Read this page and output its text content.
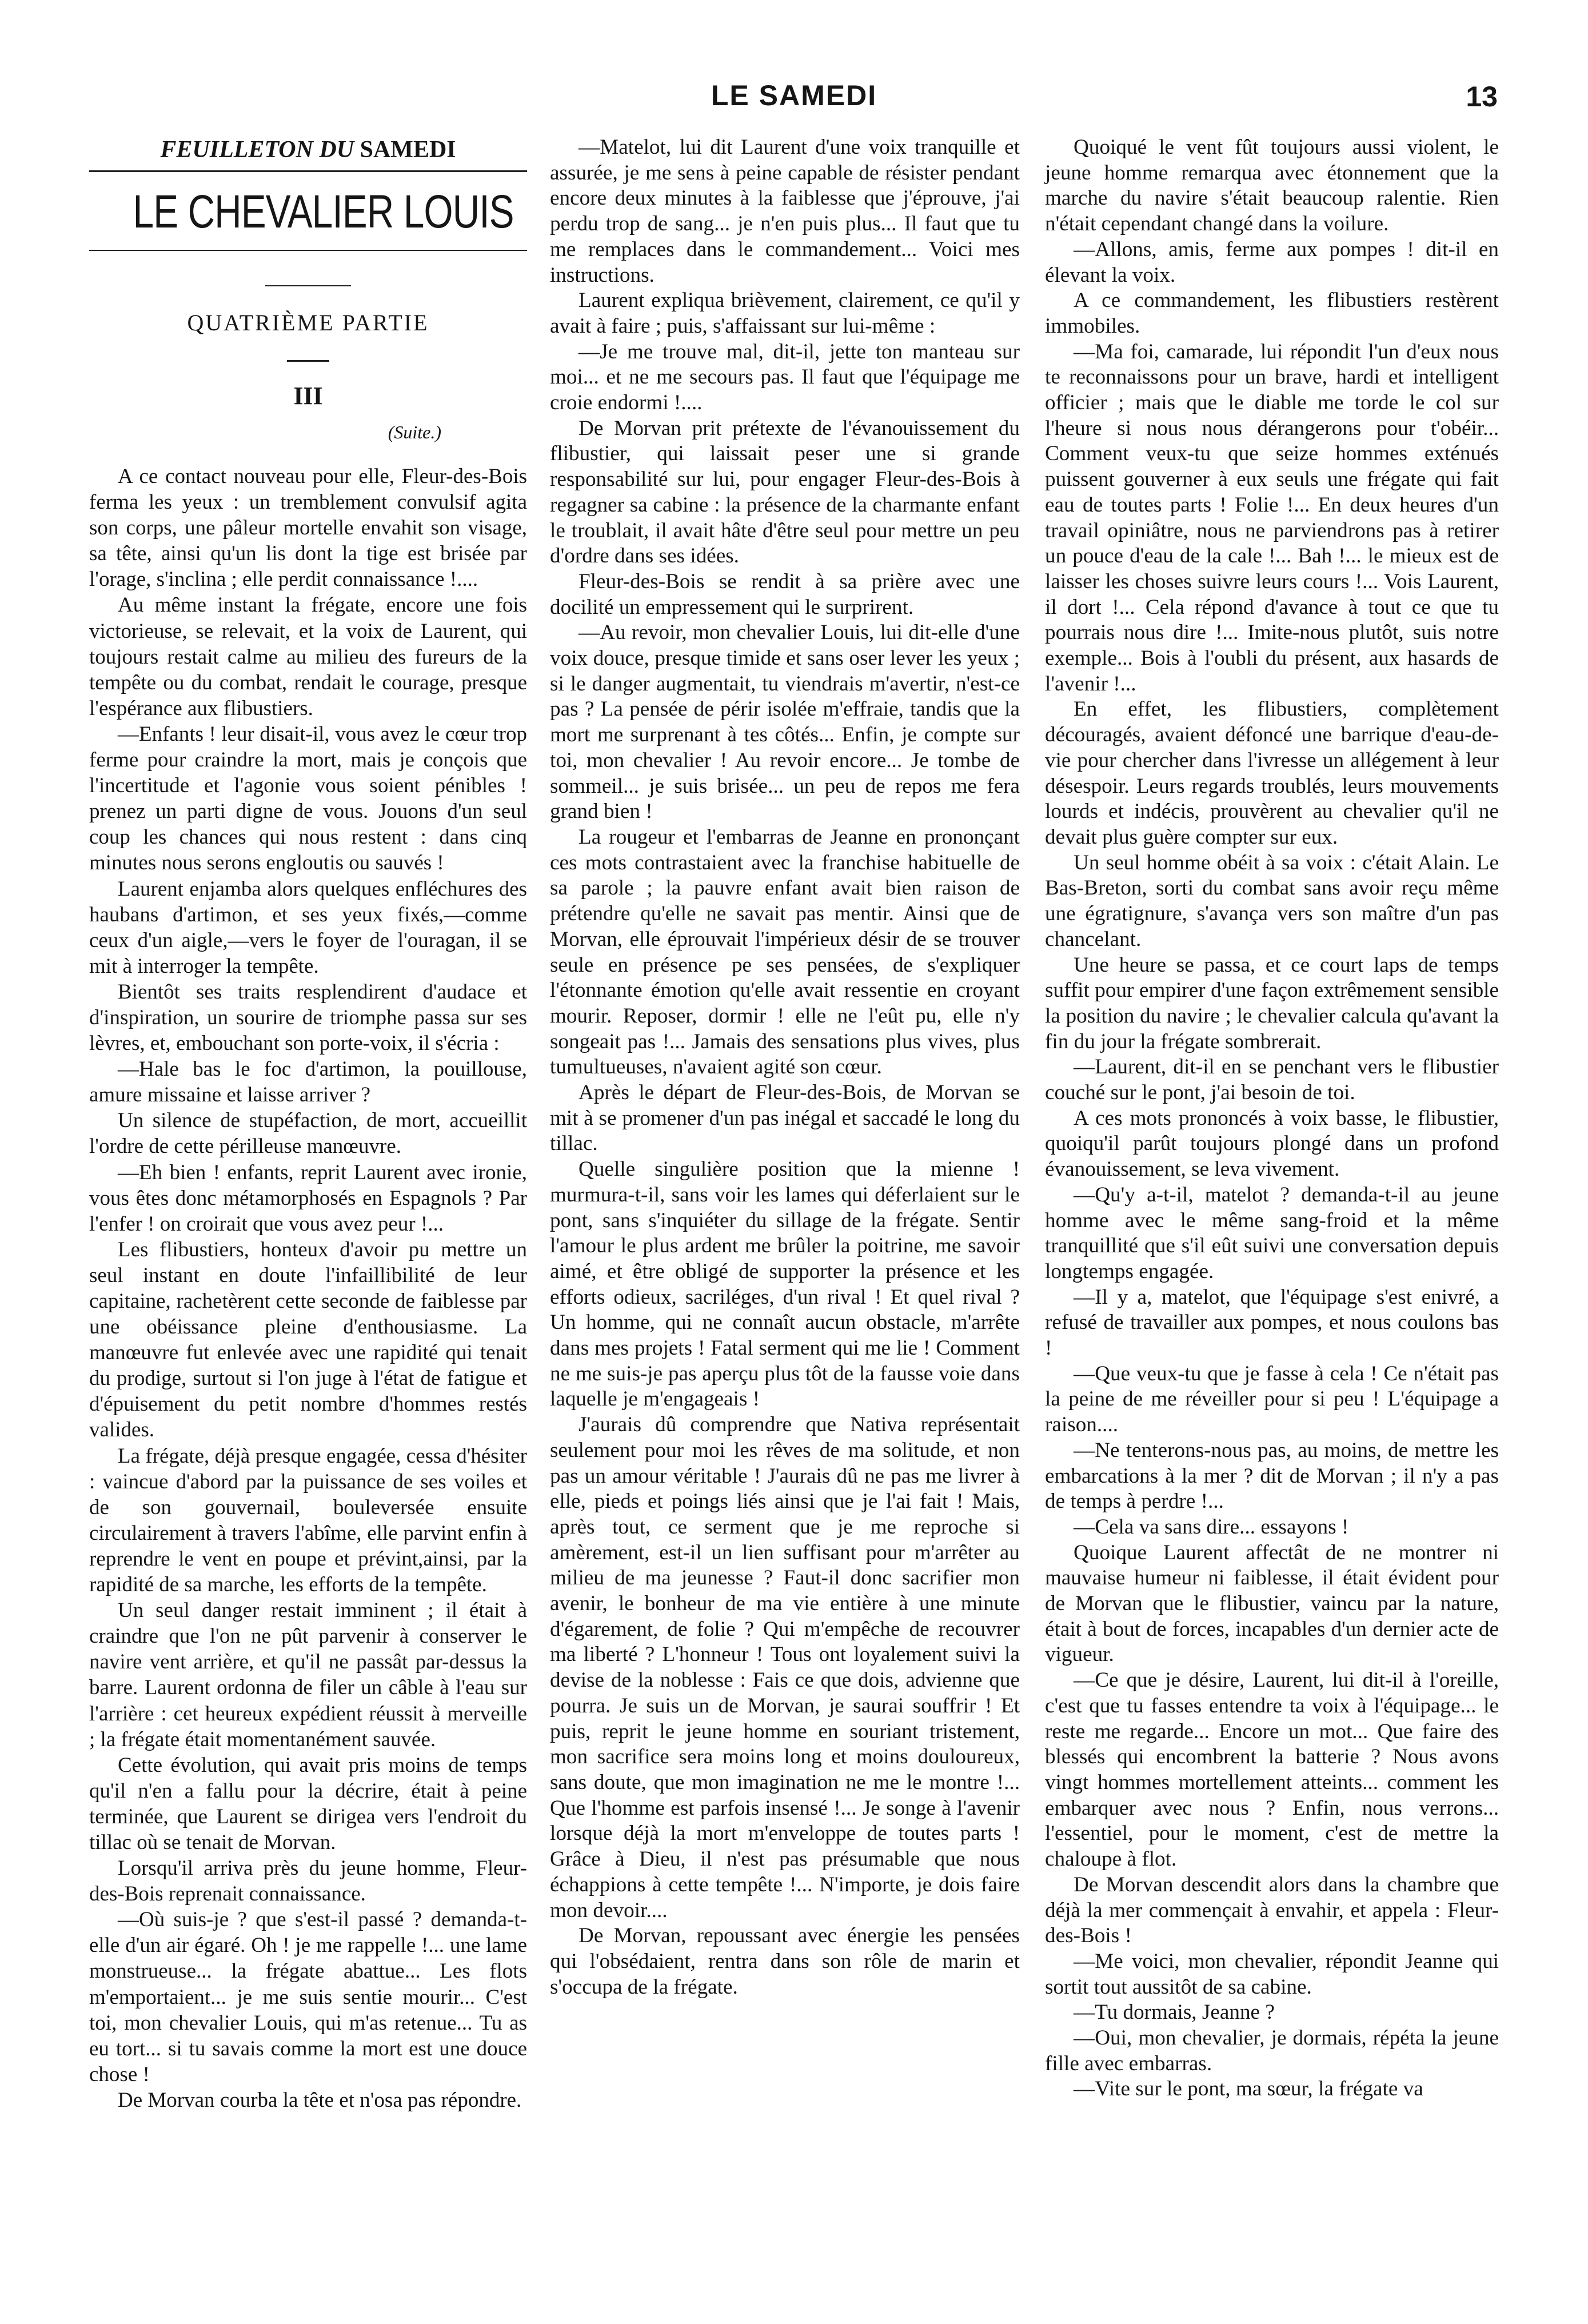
LE SAMEDI	13
FEUILLETON DU SAMEDI
LE CHEVALIER LOUIS
QUATRIÈME PARTIE
III
(Suite.)

A ce contact nouveau pour elle, Fleur-des-Bois ferma les yeux : un tremblement convulsif agita son corps, une pâleur mortelle envahit son visage, sa tête, ainsi qu'un lis dont la tige est brisée par l'orage, s'inclina ; elle perdit connaissance !....

Au même instant la frégate, encore une fois victorieuse, se relevait, et la voix de Laurent, qui toujours restait calme au milieu des fureurs de la tempête ou du combat, rendait le courage, presque l'espérance aux flibustiers.

—Enfants ! leur disait-il, vous avez le cœur trop ferme pour craindre la mort, mais je conçois que l'incertitude et l'agonie vous soient pénibles ! prenez un parti digne de vous. Jouons d'un seul coup les chances qui nous restent : dans cinq minutes nous serons engloutis ou sauvés !

Laurent enjamba alors quelques enfléchures des haubans d'artimon, et ses yeux fixés,—comme ceux d'un aigle,—vers le foyer de l'ouragan, il se mit à interroger la tempête.

Bientôt ses traits resplendirent d'audace et d'inspiration, un sourire de triomphe passa sur ses lèvres, et, embouchant son porte-voix, il s'écria :

—Hale bas le foc d'artimon, la pouillouse, amure missaine et laisse arriver ?

Un silence de stupéfaction, de mort, accueillit l'ordre de cette périlleuse manœuvre.

—Eh bien ! enfants, reprit Laurent avec ironie, vous êtes donc métamorphosés en Espagnols ? Par l'enfer ! on croirait que vous avez peur !...

Les flibustiers, honteux d'avoir pu mettre un seul instant en doute l'infaillibilité de leur capitaine, rachetèrent cette seconde de faiblesse par une obéissance pleine d'enthousiasme. La manœuvre fut enlevée avec une rapidité qui tenait du prodige, surtout si l'on juge à l'état de fatigue et d'épuisement du petit nombre d'hommes restés valides.

La frégate, déjà presque engagée, cessa d'hésiter : vaincue d'abord par la puissance de ses voiles et de son gouvernail, bouleversée ensuite circulairement à travers l'abîme, elle parvint enfin à reprendre le vent en poupe et prévint,ainsi, par la rapidité de sa marche, les efforts de la tempête.

Un seul danger restait imminent ; il était à craindre que l'on ne pût parvenir à conserver le navire vent arrière, et qu'il ne passât par-dessus la barre. Laurent ordonna de filer un câble à l'eau sur l'arrière : cet heureux expédient réussit à merveille ; la frégate était momentanément sauvée.

Cette évolution, qui avait pris moins de temps qu'il n'en a fallu pour la décrire, était à peine terminée, que Laurent se dirigea vers l'endroit du tillac où se tenait de Morvan.

Lorsqu'il arriva près du jeune homme, Fleur-des-Bois reprenait connaissance.

—Où suis-je ? que s'est-il passé ? demanda-t-elle d'un air égaré. Oh ! je me rappelle !... une lame monstrueuse... la frégate abattue... Les flots m'emportaient... je me suis sentie mourir... C'est toi, mon chevalier Louis, qui m'as retenue... Tu as eu tort... si tu savais comme la mort est une douce chose !

De Morvan courba la tête et n'osa pas répondre.

—Matelot, lui dit Laurent d'une voix tranquille et assurée, je me sens à peine capable de résister pendant encore deux minutes à la faiblesse que j'éprouve, j'ai perdu trop de sang... je n'en puis plus... Il faut que tu me remplaces dans le commandement... Voici mes instructions.

Laurent expliqua brièvement, clairement, ce qu'il y avait à faire ; puis, s'affaissant sur lui-même :

—Je me trouve mal, dit-il, jette ton manteau sur moi... et ne me secours pas. Il faut que l'équipage me croie endormi !....

De Morvan prit prétexte de l'évanouissement du flibustier, qui laissait peser une si grande responsabilité sur lui, pour engager Fleur-des-Bois à regagner sa cabine : la présence de la charmante enfant le troublait, il avait hâte d'être seul pour mettre un peu d'ordre dans ses idées.

Fleur-des-Bois se rendit à sa prière avec une docilité un empressement qui le surprirent.

—Au revoir, mon chevalier Louis, lui dit-elle d'une voix douce, presque timide et sans oser lever les yeux ; si le danger augmentait, tu viendrais m'avertir, n'est-ce pas ? La pensée de périr isolée m'effraie, tandis que la mort me surprenant à tes côtés... Enfin, je compte sur toi, mon chevalier ! Au revoir encore... Je tombe de sommeil... je suis brisée... un peu de repos me fera grand bien !

La rougeur et l'embarras de Jeanne en prononçant ces mots contrastaient avec la franchise habituelle de sa parole ; la pauvre enfant avait bien raison de prétendre qu'elle ne savait pas mentir. Ainsi que de Morvan, elle éprouvait l'impérieux désir de se trouver seule en présence pe ses pensées, de s'expliquer l'étonnante émotion qu'elle avait ressentie en croyant mourir. Reposer, dormir ! elle ne l'eût pu, elle n'y songeait pas !... Jamais des sensations plus vives, plus tumultueuses, n'avaient agité son cœur.

Après le départ de Fleur-des-Bois, de Morvan se mit à se promener d'un pas inégal et saccadé le long du tillac.

Quelle singulière position que la mienne ! murmura-t-il, sans voir les lames qui déferlaient sur le pont, sans s'inquiéter du sillage de la frégate. Sentir l'amour le plus ardent me brûler la poitrine, me savoir aimé, et être obligé de supporter la présence et les efforts odieux, sacriléges, d'un rival ! Et quel rival ? Un homme, qui ne connaît aucun obstacle, m'arrête dans mes projets ! Fatal serment qui me lie ! Comment ne me suis-je pas aperçu plus tôt de la fausse voie dans laquelle je m'engageais !

J'aurais dû comprendre que Nativa représentait seulement pour moi les rêves de ma solitude, et non pas un amour véritable ! J'aurais dû ne pas me livrer à elle, pieds et poings liés ainsi que je l'ai fait ! Mais, après tout, ce serment que je me reproche si amèrement, est-il un lien suffisant pour m'arrêter au milieu de ma jeunesse ? Faut-il donc sacrifier mon avenir, le bonheur de ma vie entière à une minute d'égarement, de folie ? Qui m'empêche de recouvrer ma liberté ? L'honneur ! Tous ont loyalement suivi la devise de la noblesse : Fais ce que dois, advienne que pourra. Je suis un de Morvan, je saurai souffrir ! Et puis, reprit le jeune homme en souriant tristement, mon sacrifice sera moins long et moins douloureux, sans doute, que mon imagination ne me le montre !... Que l'homme est parfois insensé !... Je songe à l'avenir lorsque déjà la mort m'enveloppe de toutes parts ! Grâce à Dieu, il n'est pas présumable que nous échappions à cette tempête !... N'importe, je dois faire mon devoir....

De Morvan, repoussant avec énergie les pensées qui l'obsédaient, rentra dans son rôle de marin et s'occupa de la frégate.

Quoiqué le vent fût toujours aussi violent, le jeune homme remarqua avec étonnement que la marche du navire s'était beaucoup ralentie. Rien n'était cependant changé dans la voilure.

—Allons, amis, ferme aux pompes ! dit-il en élevant la voix.

A ce commandement, les flibustiers restèrent immobiles.

—Ma foi, camarade, lui répondit l'un d'eux nous te reconnaissons pour un brave, hardi et intelligent officier ; mais que le diable me torde le col sur l'heure si nous nous dérangerons pour t'obéir... Comment veux-tu que seize hommes exténués puissent gouverner à eux seuls une frégate qui fait eau de toutes parts ! Folie !... En deux heures d'un travail opiniâtre, nous ne parviendrons pas à retirer un pouce d'eau de la cale !... Bah !... le mieux est de laisser les choses suivre leurs cours !... Vois Laurent, il dort !... Cela répond d'avance à tout ce que tu pourrais nous dire !... Imite-nous plutôt, suis notre exemple... Bois à l'oubli du présent, aux hasards de l'avenir !...

En effet, les flibustiers, complètement découragés, avaient défoncé une barrique d'eau-de-vie pour chercher dans l'ivresse un allégement à leur désespoir. Leurs regards troublés, leurs mouvements lourds et indécis, prouvèrent au chevalier qu'il ne devait plus guère compter sur eux.

Un seul homme obéit à sa voix : c'était Alain. Le Bas-Breton, sorti du combat sans avoir reçu même une égratignure, s'avança vers son maître d'un pas chancelant.

Une heure se passa, et ce court laps de temps suffit pour empirer d'une façon extrêmement sensible la position du navire ; le chevalier calcula qu'avant la fin du jour la frégate sombrerait.

—Laurent, dit-il en se penchant vers le flibustier couché sur le pont, j'ai besoin de toi.

A ces mots prononcés à voix basse, le flibustier, quoiqu'il parût toujours plongé dans un profond évanouissement, se leva vivement.

—Qu'y a-t-il, matelot ? demanda-t-il au jeune homme avec le même sang-froid et la même tranquillité que s'il eût suivi une conversation depuis longtemps engagée.

—Il y a, matelot, que l'équipage s'est enivré, a refusé de travailler aux pompes, et nous coulons bas !

—Que veux-tu que je fasse à cela ! Ce n'était pas la peine de me réveiller pour si peu ! L'équipage a raison....

—Ne tenterons-nous pas, au moins, de mettre les embarcations à la mer ? dit de Morvan ; il n'y a pas de temps à perdre !...

—Cela va sans dire... essayons !

Quoique Laurent affectât de ne montrer ni mauvaise humeur ni faiblesse, il était évident pour de Morvan que le flibustier, vaincu par la nature, était à bout de forces, incapables d'un dernier acte de vigueur.

—Ce que je désire, Laurent, lui dit-il à l'oreille, c'est que tu fasses entendre ta voix à l'équipage... le reste me regarde... Encore un mot... Que faire des blessés qui encombrent la batterie ? Nous avons vingt hommes mortellement atteints... comment les embarquer avec nous ? Enfin, nous verrons... l'essentiel, pour le moment, c'est de mettre la chaloupe à flot.

De Morvan descendit alors dans la chambre que déjà la mer commençait à envahir, et appela : Fleur-des-Bois !

—Me voici, mon chevalier, répondit Jeanne qui sortit tout aussitôt de sa cabine.

—Tu dormais, Jeanne ?

—Oui, mon chevalier, je dormais, répéta la jeune fille avec embarras.

—Vite sur le pont, ma sœur, la frégate va
